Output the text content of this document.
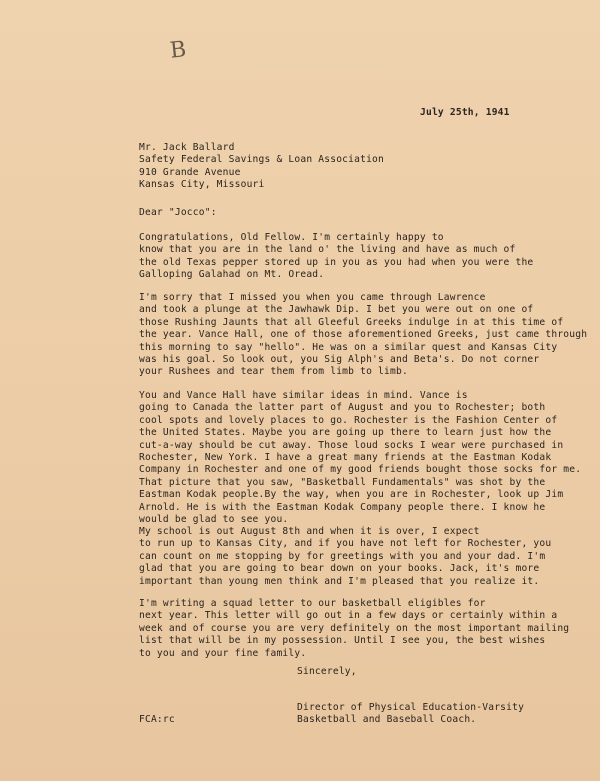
B
July 25th, 1941
Mr. Jack Ballard
Safety Federal Savings & Loan Association
910 Grande Avenue
Kansas City, Missouri
Dear "Jocco":
Congratulations, Old Fellow. I'm certainly happy to
know that you are in the land o' the living and have as much of
the old Texas pepper stored up in you as you had when you were the
Galloping Galahad on Mt. Oread.
I'm sorry that I missed you when you came through Lawrence
and took a plunge at the Jawhawk Dip. I bet you were out on one of
those Rushing Jaunts that all Gleeful Greeks indulge in at this time of
the year. Vance Hall, one of those aforementioned Greeks, just came through
this morning to say "hello". He was on a similar quest and Kansas City
was his goal. So look out, you Sig Alph's and Beta's. Do not corner
your Rushees and tear them from limb to limb.
You and Vance Hall have similar ideas in mind. Vance is
going to Canada the latter part of August and you to Rochester; both
cool spots and lovely places to go. Rochester is the Fashion Center of
the United States. Maybe you are going up there to learn just how the
cut-a-way should be cut away. Those loud socks I wear were purchased in
Rochester, New York. I have a great many friends at the Eastman Kodak
Company in Rochester and one of my good friends bought those socks for me.
That picture that you saw, "Basketball Fundamentals" was shot by the
Eastman Kodak people.By the way, when you are in Rochester, look up Jim
Arnold. He is with the Eastman Kodak Company people there. I know he
would be glad to see you.
My school is out August 8th and when it is over, I expect
to run up to Kansas City, and if you have not left for Rochester, you
can count on me stopping by for greetings with you and your dad. I'm
glad that you are going to bear down on your books. Jack, it's more
important than young men think and I'm pleased that you realize it.
I'm writing a squad letter to our basketball eligibles for
next year. This letter will go out in a few days or certainly within a
week and of course you are very definitely on the most important mailing
list that will be in my possession. Until I see you, the best wishes
to you and your fine family.
Sincerely,
Director of Physical Education-Varsity
Basketball and Baseball Coach.
FCA:rc
